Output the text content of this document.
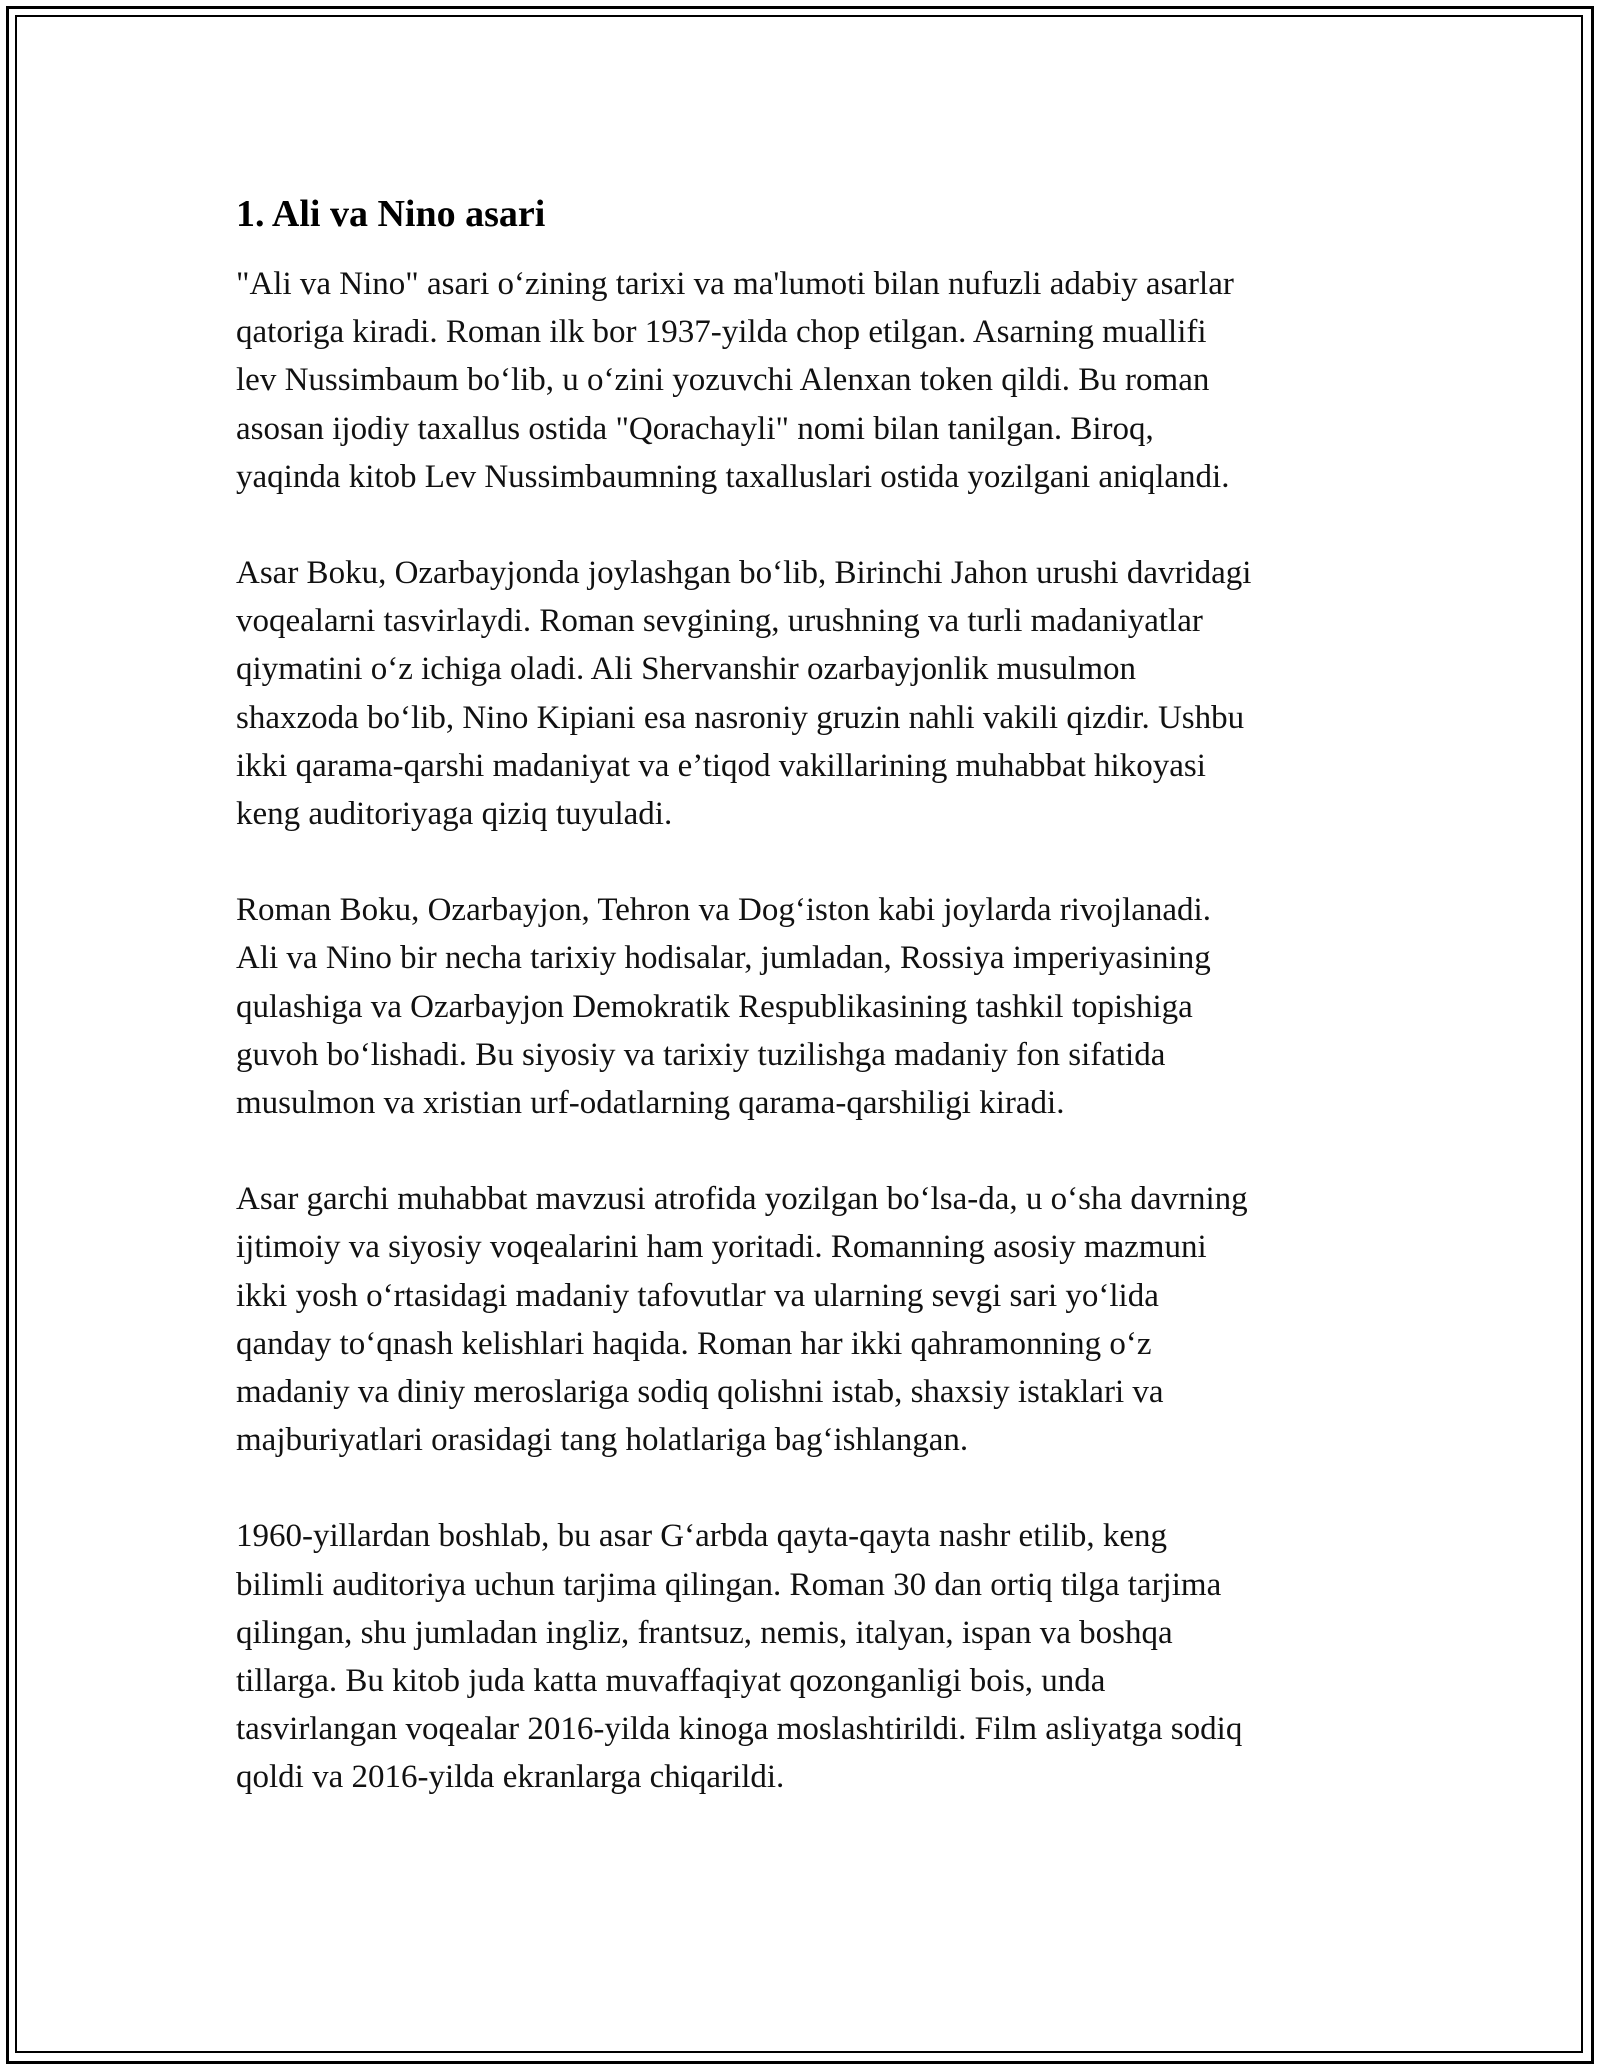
1. Ali va Nino asari

"Ali va Nino" asari o‘zining tarixi va ma'lumoti bilan nufuzli adabiy asarlar
qatoriga kiradi. Roman ilk bor 1937-yilda chop etilgan. Asarning muallifi
lev Nussimbaum bo‘lib, u o‘zini yozuvchi Alenxan token qildi. Bu roman
asosan ijodiy taxallus ostida "Qorachayli" nomi bilan tanilgan. Biroq,
yaqinda kitob Lev Nussimbaumning taxalluslari ostida yozilgani aniqlandi.

Asar Boku, Ozarbayjonda joylashgan bo‘lib, Birinchi Jahon urushi davridagi
voqealarni tasvirlaydi. Roman sevgining, urushning va turli madaniyatlar
qiymatini o‘z ichiga oladi. Ali Shervanshir ozarbayjonlik musulmon
shaxzoda bo‘lib, Nino Kipiani esa nasroniy gruzin nahli vakili qizdir. Ushbu
ikki qarama-qarshi madaniyat va e’tiqod vakillarining muhabbat hikoyasi
keng auditoriyaga qiziq tuyuladi.

Roman Boku, Ozarbayjon, Tehron va Dog‘iston kabi joylarda rivojlanadi.
Ali va Nino bir necha tarixiy hodisalar, jumladan, Rossiya imperiyasining
qulashiga va Ozarbayjon Demokratik Respublikasining tashkil topishiga
guvoh bo‘lishadi. Bu siyosiy va tarixiy tuzilishga madaniy fon sifatida
musulmon va xristian urf-odatlarning qarama-qarshiligi kiradi.

Asar garchi muhabbat mavzusi atrofida yozilgan bo‘lsa-da, u o‘sha davrning
ijtimoiy va siyosiy voqealarini ham yoritadi. Romanning asosiy mazmuni
ikki yosh o‘rtasidagi madaniy tafovutlar va ularning sevgi sari yo‘lida
qanday to‘qnash kelishlari haqida. Roman har ikki qahramonning o‘z
madaniy va diniy meroslariga sodiq qolishni istab, shaxsiy istaklari va
majburiyatlari orasidagi tang holatlariga bag‘ishlangan.

1960-yillardan boshlab, bu asar G‘arbda qayta-qayta nashr etilib, keng
bilimli auditoriya uchun tarjima qilingan. Roman 30 dan ortiq tilga tarjima
qilingan, shu jumladan ingliz, frantsuz, nemis, italyan, ispan va boshqa
tillarga. Bu kitob juda katta muvaffaqiyat qozonganligi bois, unda
tasvirlangan voqealar 2016-yilda kinoga moslashtirildi. Film asliyatga sodiq
qoldi va 2016-yilda ekranlarga chiqarildi.
